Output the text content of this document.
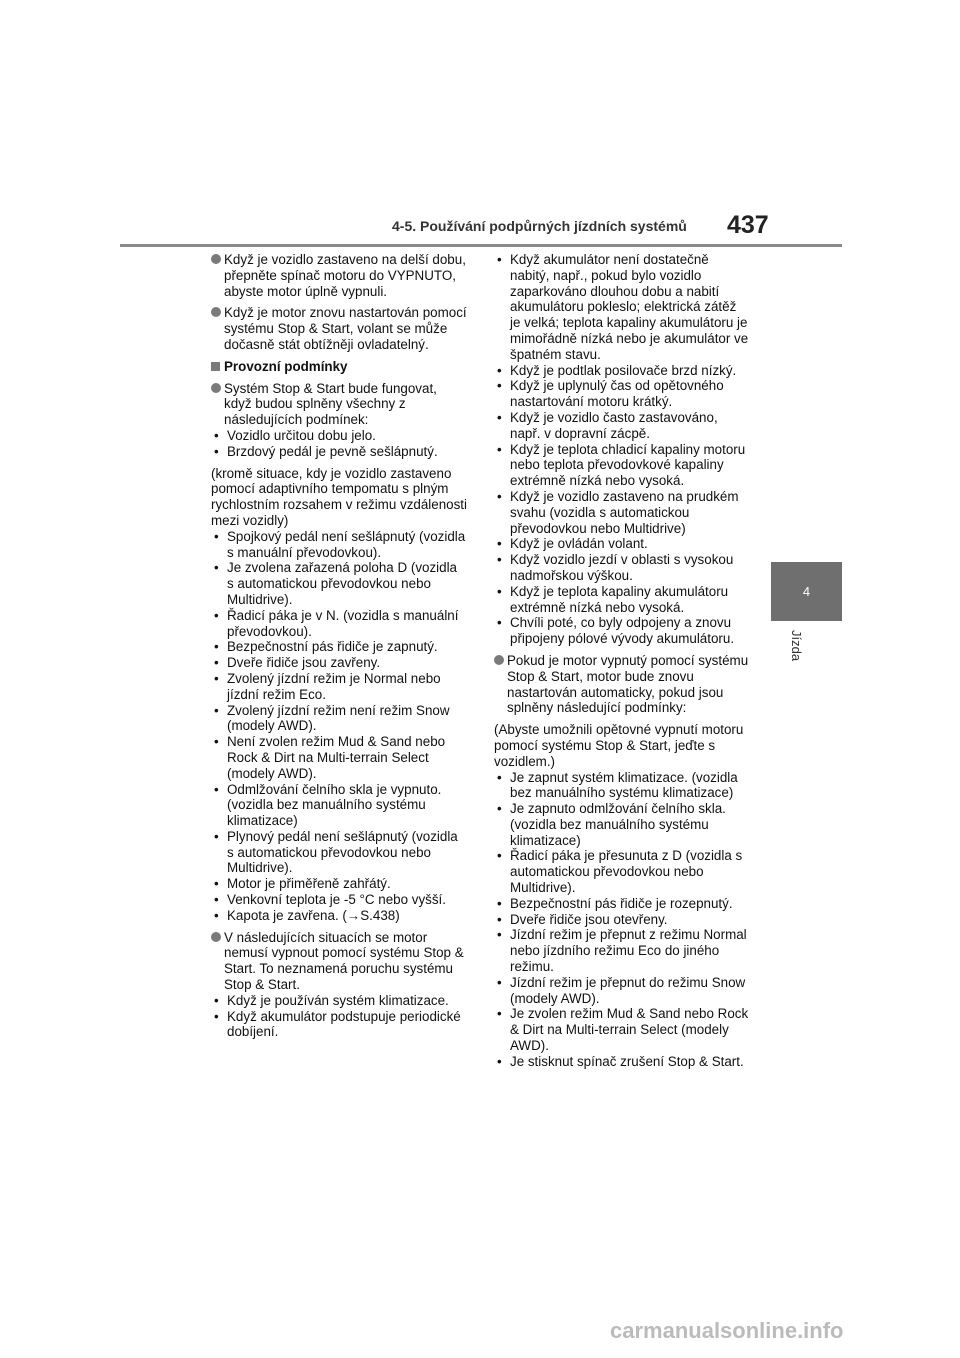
4-5. Používání podpůrných jízdních systémů 437
4
Jízda
Když je vozidlo zastaveno na delší dobu, přepněte spínač motoru do VYPNUTO, abyste motor úplně vypnuli.
Když je motor znovu nastartován pomocí systému Stop & Start, volant se může dočasně stát obtížněji ovladatelný.
Provozní podmínky
Systém Stop & Start bude fungovat, když budou splněny všechny z následujících podmínek:
• Vozidlo určitou dobu jelo.
• Brzdový pedál je pevně sešlápnutý.
(kromě situace, kdy je vozidlo zastaveno pomocí adaptivního tempomatu s plným rychlostním rozsahem v režimu vzdálenosti mezi vozidly)
• Spojkový pedál není sešlápnutý (vozidla s manuální převodovkou).
• Je zvolena zařazená poloha D (vozidla s automatickou převodovkou nebo Multidrive).
• Řadicí páka je v N. (vozidla s manuální převodovkou).
• Bezpečnostní pás řidiče je zapnutý.
• Dveře řidiče jsou zavřeny.
• Zvolený jízdní režim je Normal nebo jízdní režim Eco.
• Zvolený jízdní režim není režim Snow (modely AWD).
• Není zvolen režim Mud & Sand nebo Rock & Dirt na Multi-terrain Select (modely AWD).
• Odmlžování čelního skla je vypnuto. (vozidla bez manuálního systému klimatizace)
• Plynový pedál není sešlápnutý (vozidla s automatickou převodovkou nebo Multidrive).
• Motor je přiměřeně zahřátý.
• Venkovní teplota je -5 °C nebo vyšší.
• Kapota je zavřena. (→S.438)
V následujících situacích se motor nemusí vypnout pomocí systému Stop & Start. To neznamená poruchu systému Stop & Start.
• Když je používán systém klimatizace.
• Když akumulátor podstupuje periodické dobíjení.
• Když akumulátor není dostatečně nabitý, např., pokud bylo vozidlo zaparkováno dlouhou dobu a nabití akumulátoru pokleslo; elektrická zátěž je velká; teplota kapaliny akumulátoru je mimořádně nízká nebo je akumulátor ve špatném stavu.
• Když je podtlak posilovače brzd nízký.
• Když je uplynulý čas od opětovného nastartování motoru krátký.
• Když je vozidlo často zastavováno, např. v dopravní zácpě.
• Když je teplota chladicí kapaliny motoru nebo teplota převodovkové kapaliny extrémně nízká nebo vysoká.
• Když je vozidlo zastaveno na prudkém svahu (vozidla s automatickou převodovkou nebo Multidrive)
• Když je ovládán volant.
• Když vozidlo jezdí v oblasti s vysokou nadmořskou výškou.
• Když je teplota kapaliny akumulátoru extrémně nízká nebo vysoká.
• Chvíli poté, co byly odpojeny a znovu připojeny pólové vývody akumulátoru.
Pokud je motor vypnutý pomocí systému Stop & Start, motor bude znovu nastartován automaticky, pokud jsou splněny následující podmínky:
(Abyste umožnili opětovné vypnutí motoru pomocí systému Stop & Start, jeďte s vozidlem.)
• Je zapnut systém klimatizace. (vozidla bez manuálního systému klimatizace)
• Je zapnuto odmlžování čelního skla. (vozidla bez manuálního systému klimatizace)
• Řadicí páka je přesunuta z D (vozidla s automatickou převodovkou nebo Multidrive).
• Bezpečnostní pás řidiče je rozepnutý.
• Dveře řidiče jsou otevřeny.
• Jízdní režim je přepnut z režimu Normal nebo jízdního režimu Eco do jiného režimu.
• Jízdní režim je přepnut do režimu Snow (modely AWD).
• Je zvolen režim Mud & Sand nebo Rock & Dirt na Multi-terrain Select (modely AWD).
• Je stisknut spínač zrušení Stop & Start.
carmanualsonline.info
